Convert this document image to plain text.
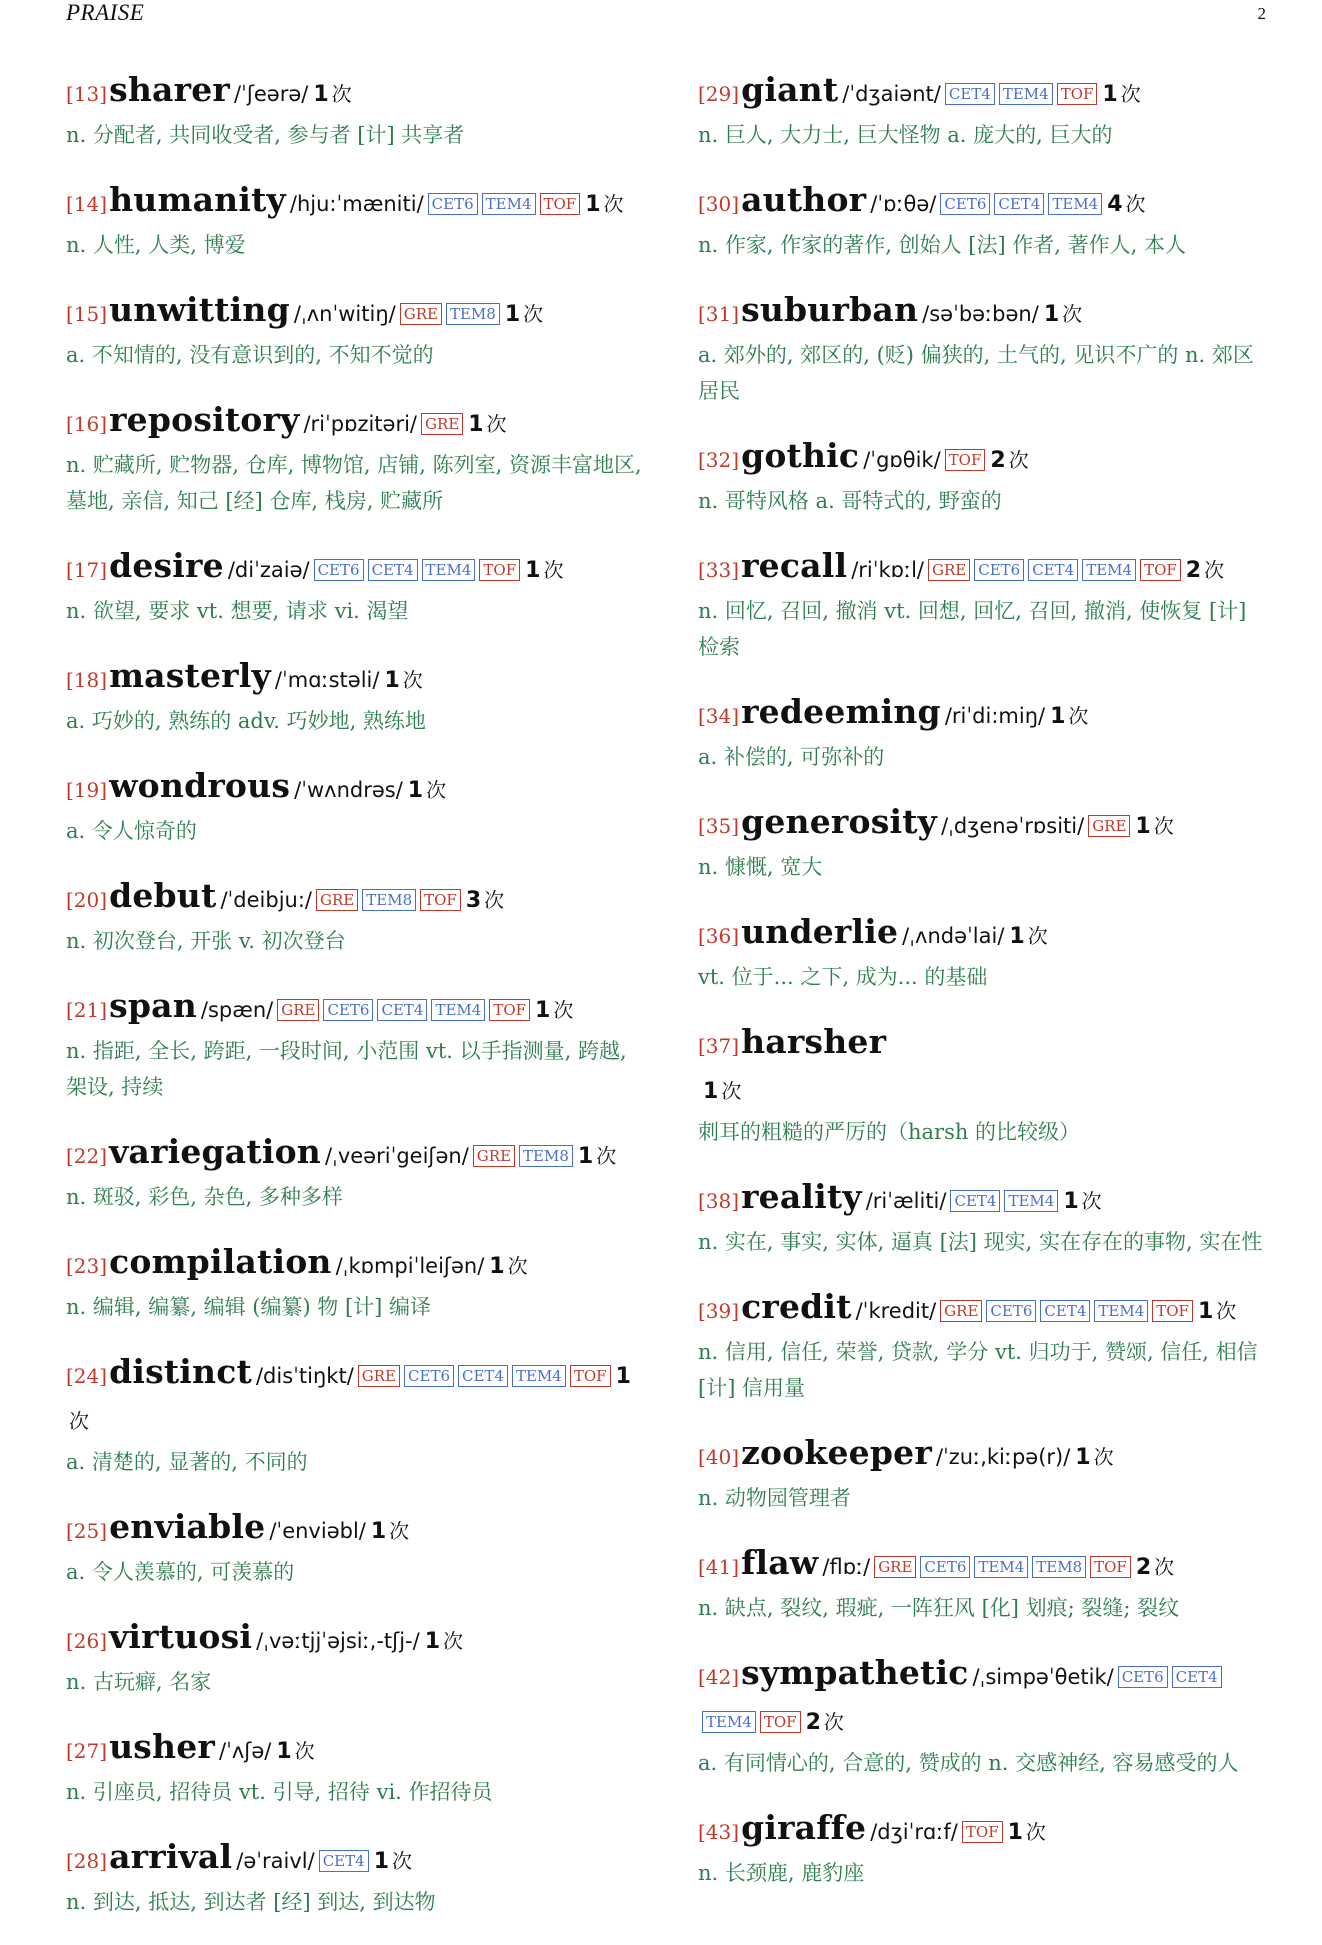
PRAISE	2
[13]sharer /ˈʃeərə/ 1 次
n. 分配者, 共同收受者, 参与者 [计] 共享者
[14]humanity /hju:ˈmæniti/ CET6 TEM4 TOF 1 次
n. 人性, 人类, 博爱
[15]unwitting /ˌʌnˈwitiŋ/ GRE TEM8 1 次
a. 不知情的, 没有意识到的, 不知不觉的
[16]repository /riˈpɒzitəri/ GRE 1 次
n. 贮藏所, 贮物器, 仓库, 博物馆, 店铺, 陈列室, 资源丰富地区, 墓地, 亲信, 知己 [经] 仓库, 栈房, 贮藏所
[17]desire /diˈzaiə/ CET6 CET4 TEM4 TOF 1 次
n. 欲望, 要求 vt. 想要, 请求 vi. 渴望
[18]masterly /ˈmɑːstəli/ 1 次
a. 巧妙的, 熟练的 adv. 巧妙地, 熟练地
[19]wondrous /ˈwʌndrəs/ 1 次
a. 令人惊奇的
[20]debut /ˈdeibju:/ GRE TEM8 TOF 3 次
n. 初次登台, 开张 v. 初次登台
[21]span /spæn/ GRE CET6 CET4 TEM4 TOF 1 次
n. 指距, 全长, 跨距, 一段时间, 小范围 vt. 以手指测量, 跨越, 架设, 持续
[22]variegation /ˌveəriˈgeiʃən/ GRE TEM8 1 次
n. 斑驳, 彩色, 杂色, 多种多样
[23]compilation /ˌkɒmpiˈleiʃən/ 1 次
n. 编辑, 编纂, 编辑 (编纂) 物 [计] 编译
[24]distinct /disˈtiŋkt/ GRE CET6 CET4 TEM4 TOF 1次
a. 清楚的, 显著的, 不同的
[25]enviable /ˈenviəbl/ 1 次
a. 令人羡慕的, 可羡慕的
[26]virtuosi /ˌvəːtjjˈəjsiː,-tʃj-/ 1 次
n. 古玩癖, 名家
[27]usher /ˈʌʃə/ 1 次
n. 引座员, 招待员 vt. 引导, 招待 vi. 作招待员
[28]arrival /əˈraivl/ CET4 1 次
n. 到达, 抵达, 到达者 [经] 到达, 到达物
[29]giant /ˈdʒaiənt/ CET4 TEM4 TOF 1 次
n. 巨人, 大力士, 巨大怪物 a. 庞大的, 巨大的
[30]author /ˈɒːθə/ CET6 CET4 TEM4 4 次
n. 作家, 作家的著作, 创始人 [法] 作者, 著作人, 本人
[31]suburban /səˈbəːbən/ 1 次
a. 郊外的, 郊区的, (贬) 偏狭的, 土气的, 见识不广的 n. 郊区居民
[32]gothic /ˈgɒθik/ TOF 2 次
n. 哥特风格 a. 哥特式的, 野蛮的
[33]recall /riˈkɒːl/ GRE CET6 CET4 TEM4 TOF 2 次
n. 回忆, 召回, 撤消 vt. 回想, 回忆, 召回, 撤消, 使恢复 [计] 检索
[34]redeeming /riˈdi:miŋ/ 1 次
a. 补偿的, 可弥补的
[35]generosity /ˌdʒenəˈrɒsiti/ GRE 1 次
n. 慷慨, 宽大
[36]underlie /ˌʌndəˈlai/ 1 次
vt. 位于... 之下, 成为... 的基础
[37]harsher
1 次
刺耳的粗糙的严厉的（harsh 的比较级）
[38]reality /riˈæliti/ CET4 TEM4 1 次
n. 实在, 事实, 实体, 逼真 [法] 现实, 实在存在的事物, 实在性
[39]credit /ˈkredit/ GRE CET6 CET4 TEM4 TOF 1 次
n. 信用, 信任, 荣誉, 贷款, 学分 vt. 归功于, 赞颂, 信任, 相信 [计] 信用量
[40]zookeeper /ˈzuː,kiːpə(r)/ 1 次
n. 动物园管理者
[41]flaw /flɒː/ GRE CET6 TEM4 TEM8 TOF 2 次
n. 缺点, 裂纹, 瑕疵, 一阵狂风 [化] 划痕; 裂缝; 裂纹
[42]sympathetic /ˌsimpəˈθetik/ CET6 CET4TEM4 TOF 2 次
a. 有同情心的, 合意的, 赞成的 n. 交感神经, 容易感受的人
[43]giraffe /dʒiˈrɑːf/ TOF 1 次
n. 长颈鹿, 鹿豹座
